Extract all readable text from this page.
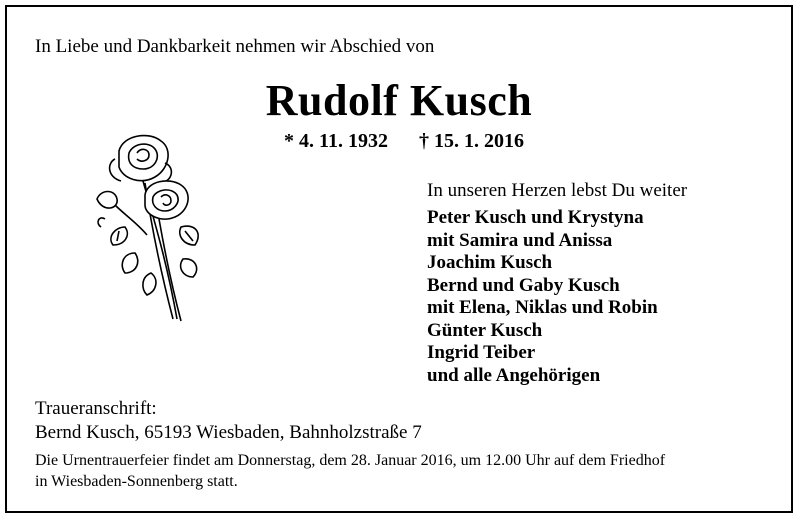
In Liebe und Dankbarkeit nehmen wir Abschied von
Rudolf Kusch
* 4. 11. 1932 † 15. 1. 2016
In unseren Herzen lebst Du weiter
Peter Kusch und Krystyna
mit Samira und Anissa
Joachim Kusch
Bernd und Gaby Kusch
mit Elena, Niklas und Robin
Günter Kusch
Ingrid Teiber
und alle Angehörigen
Traueranschrift:
Bernd Kusch, 65193 Wiesbaden, Bahnholzstraße 7
Die Urnentrauerfeier findet am Donnerstag, dem 28. Januar 2016, um 12.00 Uhr auf dem Friedhof
in Wiesbaden-Sonnenberg statt.
